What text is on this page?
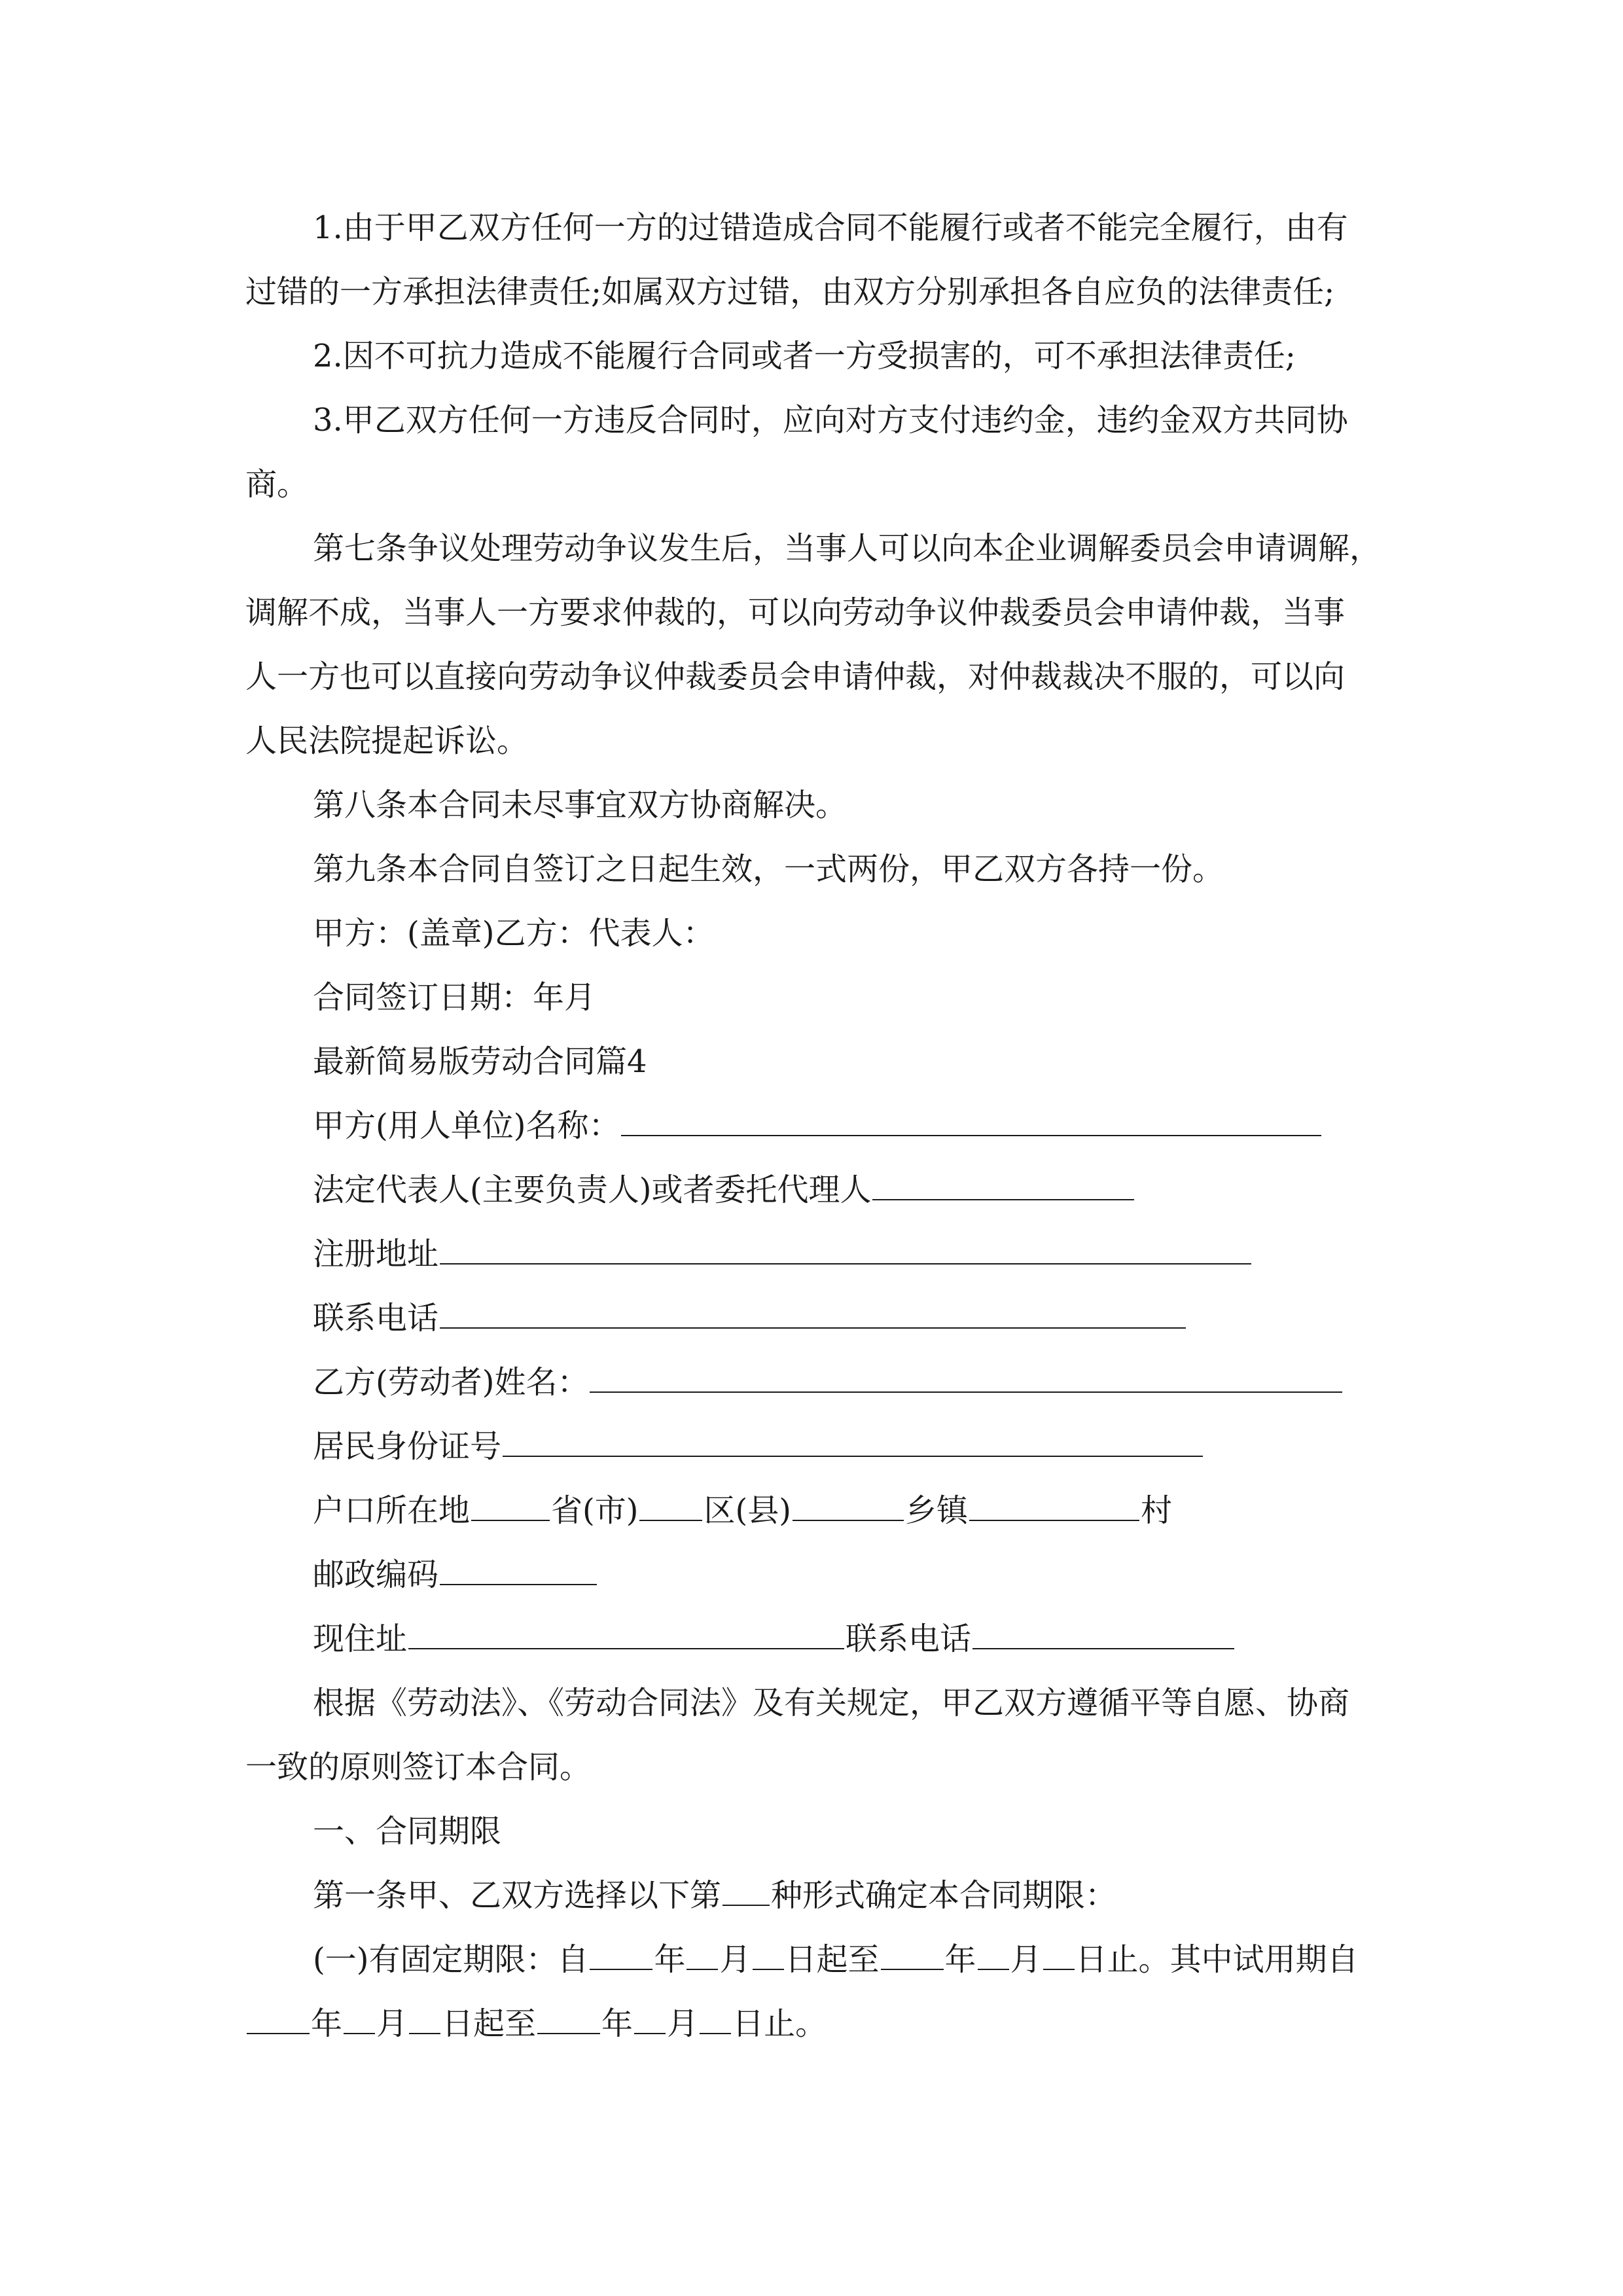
1.由于甲乙双方任何一方的过错造成合同不能履行或者不能完全履行，由有
过错的一方承担法律责任;如属双方过错，由双方分别承担各自应负的法律责任;
2.因不可抗力造成不能履行合同或者一方受损害的，可不承担法律责任;
3.甲乙双方任何一方违反合同时，应向对方支付违约金，违约金双方共同协
商。
第七条争议处理劳动争议发生后，当事人可以向本企业调解委员会申请调解，
调解不成，当事人一方要求仲裁的，可以向劳动争议仲裁委员会申请仲裁，当事
人一方也可以直接向劳动争议仲裁委员会申请仲裁，对仲裁裁决不服的，可以向
人民法院提起诉讼。
第八条本合同未尽事宜双方协商解决。
第九条本合同自签订之日起生效，一式两份，甲乙双方各持一份。
甲方：(盖章)乙方：代表人：
合同签订日期：年月
最新简易版劳动合同篇4
甲方(用人单位)名称：
法定代表人(主要负责人)或者委托代理人
注册地址
联系电话
乙方(劳动者)姓名：
居民身份证号
户口所在地	省(市) 区(县)	乡镇	村
邮政编码
现住址	联系电话
根据《劳动法》、《劳动合同法》及有关规定，甲乙双方遵循平等自愿、协商
一致的原则签订本合同。
一、合同期限
第一条甲、乙双方选择以下第 种形式确定本合同期限：
(一)有固定期限：自 年 月 日起至 年 月 日止。其中试用期自
年 月 日起至 年 月 日止。
